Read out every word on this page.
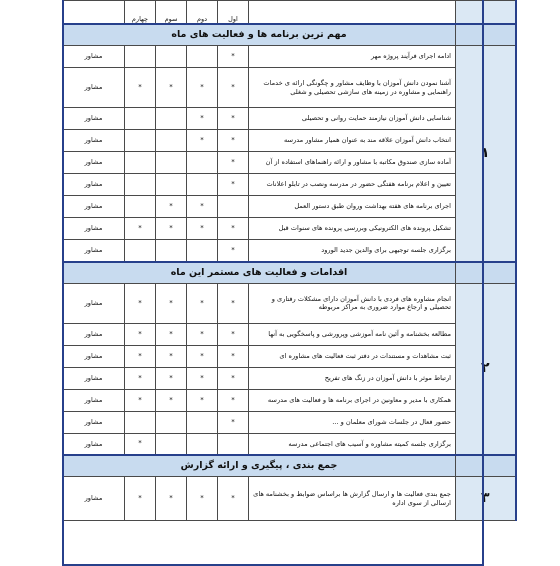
	چهارم	سوم	دوم	اول		
مهم ترین برنامه ها و فعالیت های ماه						
مشاور				*	ادامه اجرای فرآیند پروژه مهر	۱
مشاور	*	*	*	*	آشنا نمودن دانش آموزان با وظایف مشاور و چگونگی ارائه ی خدمات راهنمایی و مشاوره در زمینه های سازشی تحصیلی و شغلی	
مشاور			*	*	شناسایی دانش آموزان نیازمند حمایت روانی و تحصیلی	
مشاور			*	*	انتخاب دانش آموزان علاقه مند به عنوان همیار مشاور مدرسه	
مشاور				*	آماده سازی صندوق مکاتبه با مشاور و ارائه راهنماهای استفاده از آن	
مشاور				*	تعیین و اعلام برنامه هفتگی حضور در مدرسه ونصب در تابلو اعلانات	
مشاور		*	*		اجرای برنامه های هفته بهداشت وروان طبق دستور العمل	
مشاور	*	*	*	*	تشکیل پرونده های الکترونیکی وبررسی پرونده های سنوات قبل	
مشاور				*	برگزاری جلسه توجیهی برای والدین جدید الورود	
اقدامات و فعالیت های مستمر این ماه						
مشاور	*	*	*	*	انجام مشاوره های فردی با دانش آموزان دارای مشکلات رفتاری و تحصیلی و ارجاع موارد ضروری به مراکز مربوطه	۲
مشاور	*	*	*	*	مطالعه بخشنامه و آئین نامه آموزشی وپرورشی و پاسخگویی به آنها	
مشاور	*	*	*	*	ثبت مشاهدات و مستندات در دفتر ثبت فعالیت های مشاوره ای	
مشاور	*	*	*	*	ارتباط موثر با دانش آموزان در زنگ های تفریح	
مشاور	*	*	*	*	همکاری با مدیر و معاونین در اجرای برنامه ها و فعالیت های مدرسه	
مشاور				*	حضور فعال در جلسات شورای معلمان و ...	
مشاور	*				برگزاری جلسه کمیته مشاوره و آسیب های اجتماعی مدرسه	
جمع بندی ، پیگیری و ارائه گزارش						
مشاور	*	*	*	*	جمع بندی فعالیت ها و ارسال گزارش ها براساس ضوابط و بخشنامه های ارسالی از سوی اداره	۳
